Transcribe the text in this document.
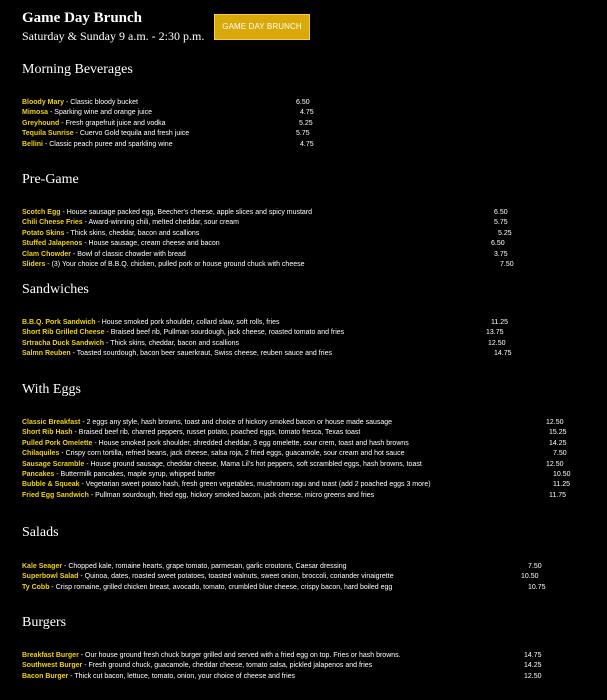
Game Day Brunch
Saturday & Sunday 9 a.m. - 2:30 p.m.
GAME DAY BRUNCH
Morning Beverages
Bloody Mary - Classic bloody bucket	6.50
Mimosa - Sparking wine and orange juice	4.75
Greyhound - Fresh grapefruit juice and vodka	5.25
Tequila Sunrise - Cuervo Gold tequila and fresh juice	5.75
Bellini - Classic peach puree and sparkling wine	4.75
Pre-Game
Scotch Egg - House sausage packed egg, Beecher's cheese, apple slices and spicy mustard	6.50
Chili Cheese Fries - Award-winning chili, melted cheddar, sour cream	5.75
Potato Skins - Thick skins, cheddar, bacon and scallions	5.25
Stuffed Jalapenos - House sausage, cream cheese and bacon	6.50
Clam Chowder - Bowl of classic chowder with bread	3.75
Sliders - (3) Your choice of B.B.Q. chicken, pulled pork or house ground chuck with cheese	7.50
Sandwiches
B.B.Q. Pork Sandwich - House smoked pork shoulder, collard slaw, soft rolls, fries	11.25
Short Rib Grilled Cheese - Braised beef rib, Pullman sourdough, jack cheese, roasted tomato and fries	13.75
Srtracha Duck Sandwich - Thick skins, cheddar, bacon and scallions	12.50
Salmn Reuben - Toasted sourdough, bacon beer sauerkraut, Swiss cheese, reuben sauce and fries	14.75
With Eggs
Classic Breakfast - 2 eggs any style, hash browns, toast and choice of hickory smoked bacon or house made sausage	12.50
Short Rib Hash - Braised beef rib, charred peppers, russet potato, poached eggs, tomato fresca, Texas toast	15.25
Pulled Pork Omelette - House smoked pork shoulder, shredded cheddar, 3 egg omelette, sour crem, toast and hash browns	14.25
Chilaquiles - Crispy corn tortilla, refried beans, jack cheese, salsa roja, 2 fried eggs, guacamole, sour cream and hot sauce	7.50
Sausage Scramble - House ground sausage, cheddar cheese, Mama Lil's hot peppers, soft scrambled eggs, hash browns, toast	12.50
Pancakes - Buttermilk pancakes, maple syrup, whipped butter	10.50
Bubble & Squeak - Vegetarian sweet potato hash, fresh green vegetables, mushroom ragu and toast (add 2 poached eggs 3 more)	11.25
Fried Egg Sandwich - Pullman sourdough, fried egg, hickory smoked bacon, jack cheese, micro greens and fries	11.75
Salads
Kale Seager - Chopped kale, romaine hearts, grape tomato, parmesan, garlic croutons, Caesar dressing	7.50
Superbowl Salad - Quinoa, dates, roasted sweet potatoes, toasted walnuts, sweet onion, broccoli, coriander vinaigrette	10.50
Ty Cobb - Crisp romaine, grilled chicken breast, avocado, tomato, crumbled blue cheese, crispy bacon, hard boiled egg	10.75
Burgers
Breakfast Burger - Our house ground fresh chuck burger grilled and served with a fried egg on top. Fries or hash browns.	14.75
Southwest Burger - Fresh ground chuck, guacamole, cheddar cheese, tomato salsa, pickled jalapenos and fries	14.25
Bacon Burger - Thick cut bacon, lettuce, tomato, onion, your choice of cheese and fries	12.50
